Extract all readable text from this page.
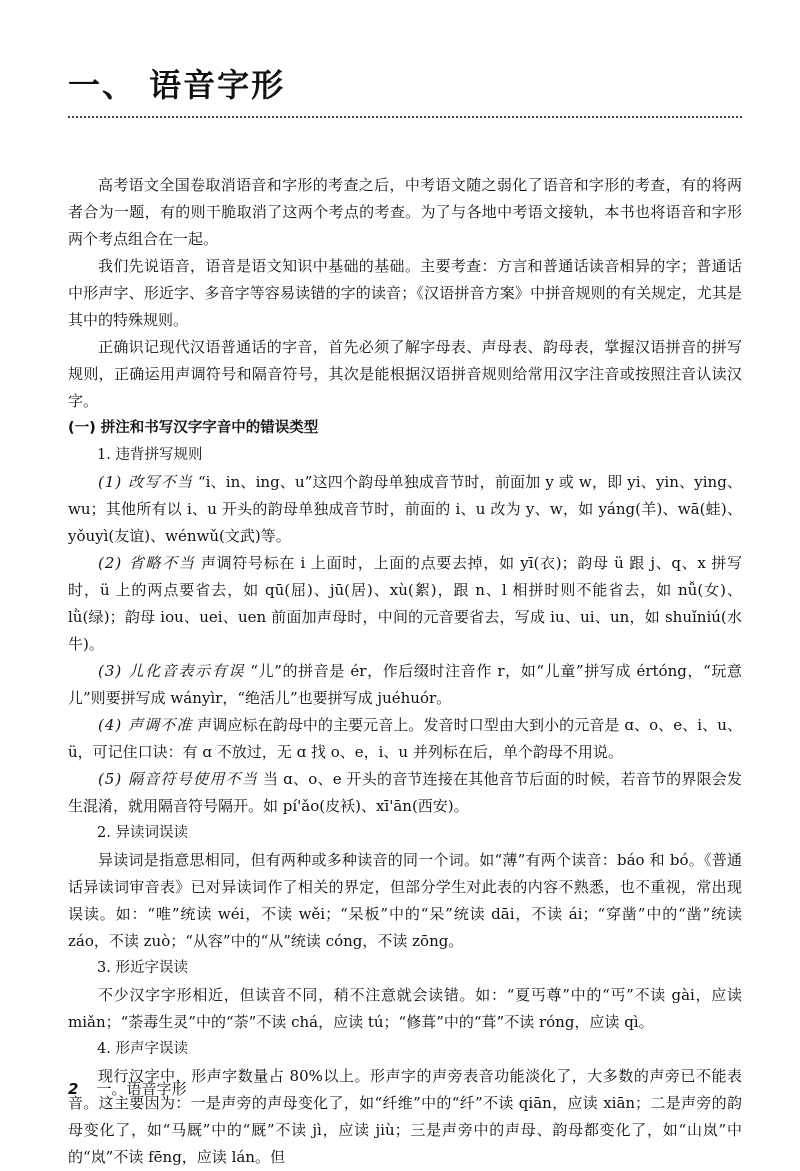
一、 语音字形

高考语文全国卷取消语音和字形的考查之后，中考语文随之弱化了语音和字形的考查，有的将两者合为一题，有的则干脆取消了这两个考点的考查。为了与各地中考语文接轨，本书也将语音和字形两个考点组合在一起。

我们先说语音，语音是语文知识中基础的基础。主要考查：方言和普通话读音相异的字；普通话中形声字、形近字、多音字等容易读错的字的读音；《汉语拼音方案》中拼音规则的有关规定，尤其是其中的特殊规则。

正确识记现代汉语普通话的字音，首先必须了解字母表、声母表、韵母表，掌握汉语拼音的拼写规则，正确运用声调符号和隔音符号，其次是能根据汉语拼音规则给常用汉字注音或按照注音认读汉字。

(一) 拼注和书写汉字字音中的错误类型

1. 违背拼写规则

(1) 改写不当 “i、in、ing、u”这四个韵母单独成音节时，前面加 y 或 w，即 yi、yin、ying、wu；其他所有以 i、u 开头的韵母单独成音节时，前面的 i、u 改为 y、w，如 yáng(羊)、wā(蛙)、yǒuyì(友谊)、wénwǔ(文武)等。

(2) 省略不当 声调符号标在 i 上面时，上面的点要去掉，如 yī(衣)；韵母 ü 跟 j、q、x 拼写时，ü 上的两点要省去，如 qū(屈)、jū(居)、xù(絮)，跟 n、l 相拼时则不能省去，如 nǚ(女)、lǜ(绿)；韵母 iou、uei、uen 前面加声母时，中间的元音要省去，写成 iu、ui、un，如 shuǐniú(水牛)。

(3) 儿化音表示有误 “儿”的拼音是 ér，作后缀时注音作 r，如“儿童”拼写成 értóng，“玩意儿”则要拼写成 wányìr，“绝活儿”也要拼写成 juéhuór。

(4) 声调不准 声调应标在韵母中的主要元音上。发音时口型由大到小的元音是 ɑ、o、e、i、u、ü，可记住口诀：有 ɑ 不放过，无 ɑ 找 o、e，i、u 并列标在后，单个韵母不用说。

(5) 隔音符号使用不当 当 ɑ、o、e 开头的音节连接在其他音节后面的时候，若音节的界限会发生混淆，就用隔音符号隔开。如 pí'ǎo(皮袄)、xī'ān(西安)。

2. 异读词误读

异读词是指意思相同，但有两种或多种读音的同一个词。如“薄”有两个读音：báo 和 bó。《普通话异读词审音表》已对异读词作了相关的界定，但部分学生对此表的内容不熟悉，也不重视，常出现误读。如：“唯”统读 wéi，不读 wěi；“呆板”中的“呆”统读 dāi，不读 ái；“穿凿”中的“凿”统读 záo，不读 zuò；“从容”中的“从”统读 cóng，不读 zōng。

3. 形近字误读

不少汉字字形相近，但读音不同，稍不注意就会读错。如：“夏丐尊”中的“丐”不读 gài，应读 miǎn；“荼毒生灵”中的“荼”不读 chá，应读 tú；“修葺”中的“葺”不读 róng，应读 qì。

4. 形声字误读

现行汉字中，形声字数量占 80%以上。形声字的声旁表音功能淡化了，大多数的声旁已不能表音。这主要因为：一是声旁的声母变化了，如“纤维”中的“纤”不读 qiān，应读 xiān；二是声旁的韵母变化了，如“马厩”中的“厩”不读 jì，应读 jiù；三是声旁中的声母、韵母都变化了，如“山岚”中的“岚”不读 fēng，应读 lán。但

2 一。语音字形
